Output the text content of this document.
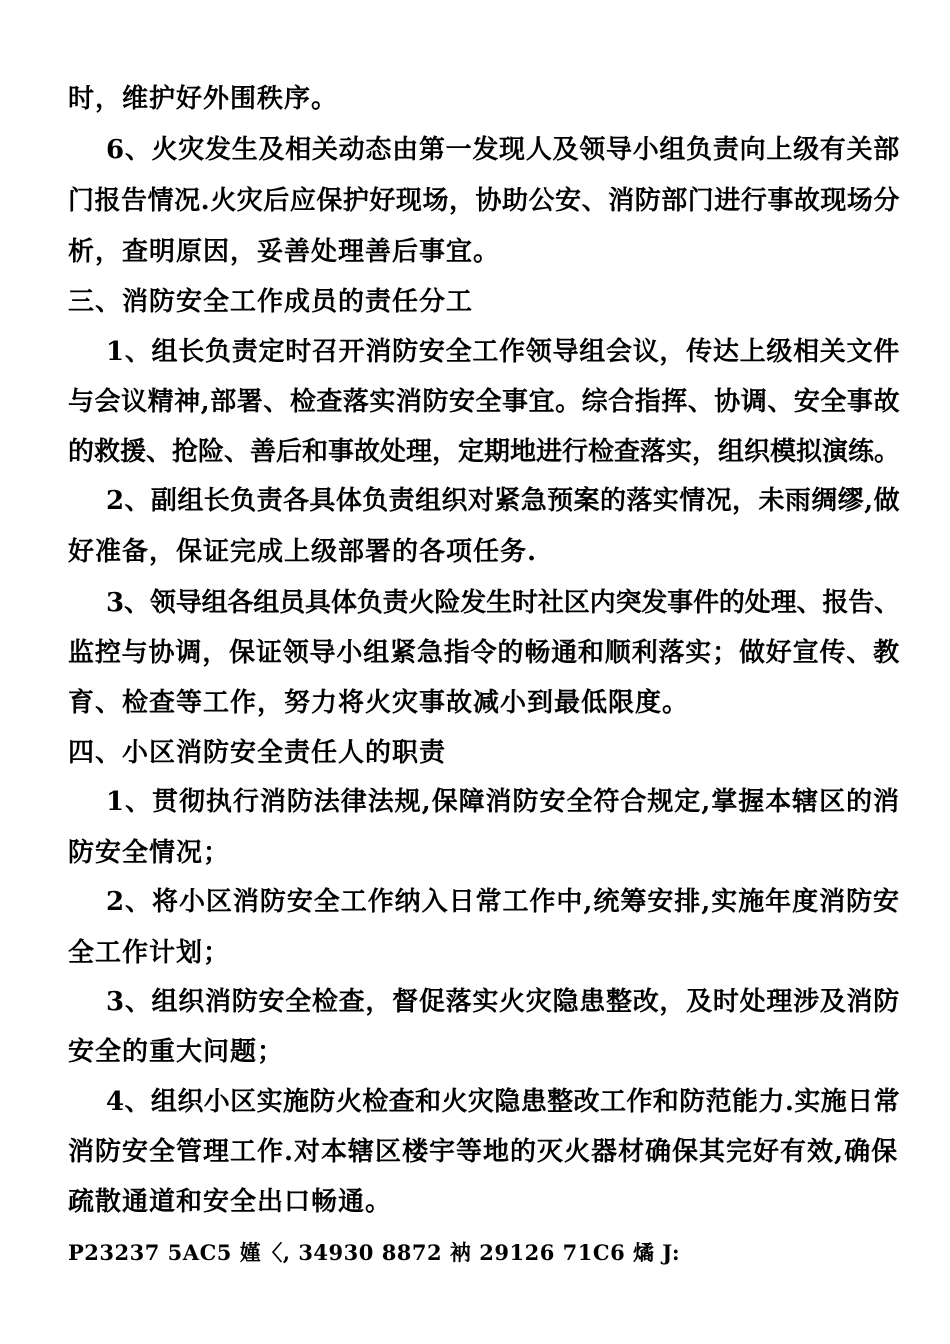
时，维护好外围秩序。
6、火灾发生及相关动态由第一发现人及领导小组负责向上级有关部
门报告情况.火灾后应保护好现场，协助公安、消防部门进行事故现场分
析，查明原因，妥善处理善后事宜。
三、消防安全工作成员的责任分工
1、组长负责定时召开消防安全工作领导组会议，传达上级相关文件
与会议精神,部署、检查落实消防安全事宜。综合指挥、协调、安全事故
的救援、抢险、善后和事故处理，定期地进行检查落实，组织模拟演练。
2、副组长负责各具体负责组织对紧急预案的落实情况，未雨绸缪,做
好准备，保证完成上级部署的各项任务.
3、领导组各组员具体负责火险发生时社区内突发事件的处理、报告、
监控与协调，保证领导小组紧急指令的畅通和顺利落实；做好宣传、教
育、检查等工作，努力将火灾事故减小到最低限度。
四、小区消防安全责任人的职责
1、贯彻执行消防法律法规,保障消防安全符合规定,掌握本辖区的消
防安全情况；
2、将小区消防安全工作纳入日常工作中,统筹安排,实施年度消防安
全工作计划；
3、组织消防安全检查，督促落实火灾隐患整改，及时处理涉及消防
安全的重大问题；
4、组织小区实施防火检查和火灾隐患整改工作和防范能力.实施日常
消防安全管理工作.对本辖区楼宇等地的灭火器材确保其完好有效,确保
疏散通道和安全出口畅通。
P23237 5AC5 嫤〈, 34930 8872 衲 29126 71C6 燏 J:
